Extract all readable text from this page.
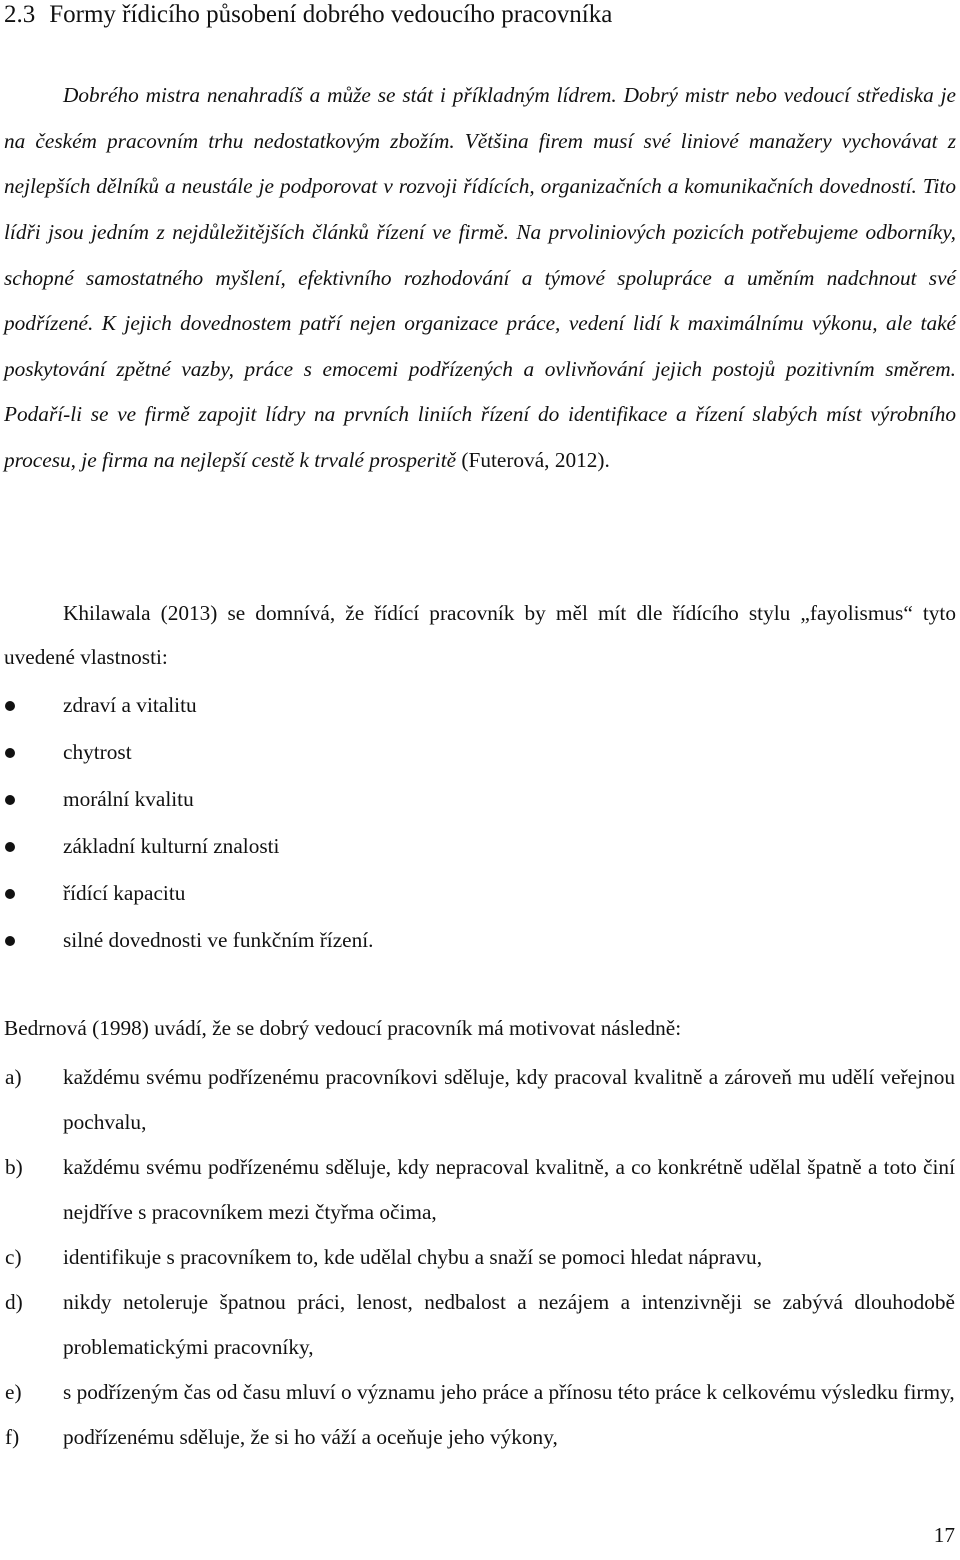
2.3 Formy řídicího působení dobrého vedoucího pracovníka

Dobrého mistra nenahradíš a může se stát i příkladným lídrem. Dobrý mistr nebo vedoucí střediska je na českém pracovním trhu nedostatkovým zbožím. Většina firem musí své liniové manažery vychovávat z nejlepších dělníků a neustále je podporovat v rozvoji řídících, organizačních a komunikačních dovedností. Tito lídři jsou jedním z nejdůležitějších článků řízení ve firmě. Na prvoliniových pozicích potřebujeme odborníky, schopné samostatného myšlení, efektivního rozhodování a týmové spolupráce a uměním nadchnout své podřízené. K jejich dovednostem patří nejen organizace práce, vedení lidí k maximálnímu výkonu, ale také poskytování zpětné vazby, práce s emocemi podřízených a ovlivňování jejich postojů pozitivním směrem. Podaří-li se ve firmě zapojit lídry na prvních liniích řízení do identifikace a řízení slabých míst výrobního procesu, je firma na nejlepší cestě k trvalé prosperitě (Futerová, 2012).

Khilawala (2013) se domnívá, že řídící pracovník by měl mít dle řídícího stylu „fayolismus“ tyto uvedené vlastnosti:

zdraví a vitalitu
chytrost
morální kvalitu
základní kulturní znalosti
řídící kapacitu
silné dovednosti ve funkčním řízení.

Bedrnová (1998) uvádí, že se dobrý vedoucí pracovník má motivovat následně:

a) každému svému podřízenému pracovníkovi sděluje, kdy pracoval kvalitně a zároveň mu udělí veřejnou pochvalu,
b) každému svému podřízenému sděluje, kdy nepracoval kvalitně, a co konkrétně udělal špatně a toto činí nejdříve s pracovníkem mezi čtyřma očima,
c) identifikuje s pracovníkem to, kde udělal chybu a snaží se pomoci hledat nápravu,
d) nikdy netoleruje špatnou práci, lenost, nedbalost a nezájem a intenzivněji se zabývá dlouhodobě problematickými pracovníky,
e) s podřízeným čas od času mluví o významu jeho práce a přínosu této práce k celkovému výsledku firmy,
f) podřízenému sděluje, že si ho váží a oceňuje jeho výkony,
17
